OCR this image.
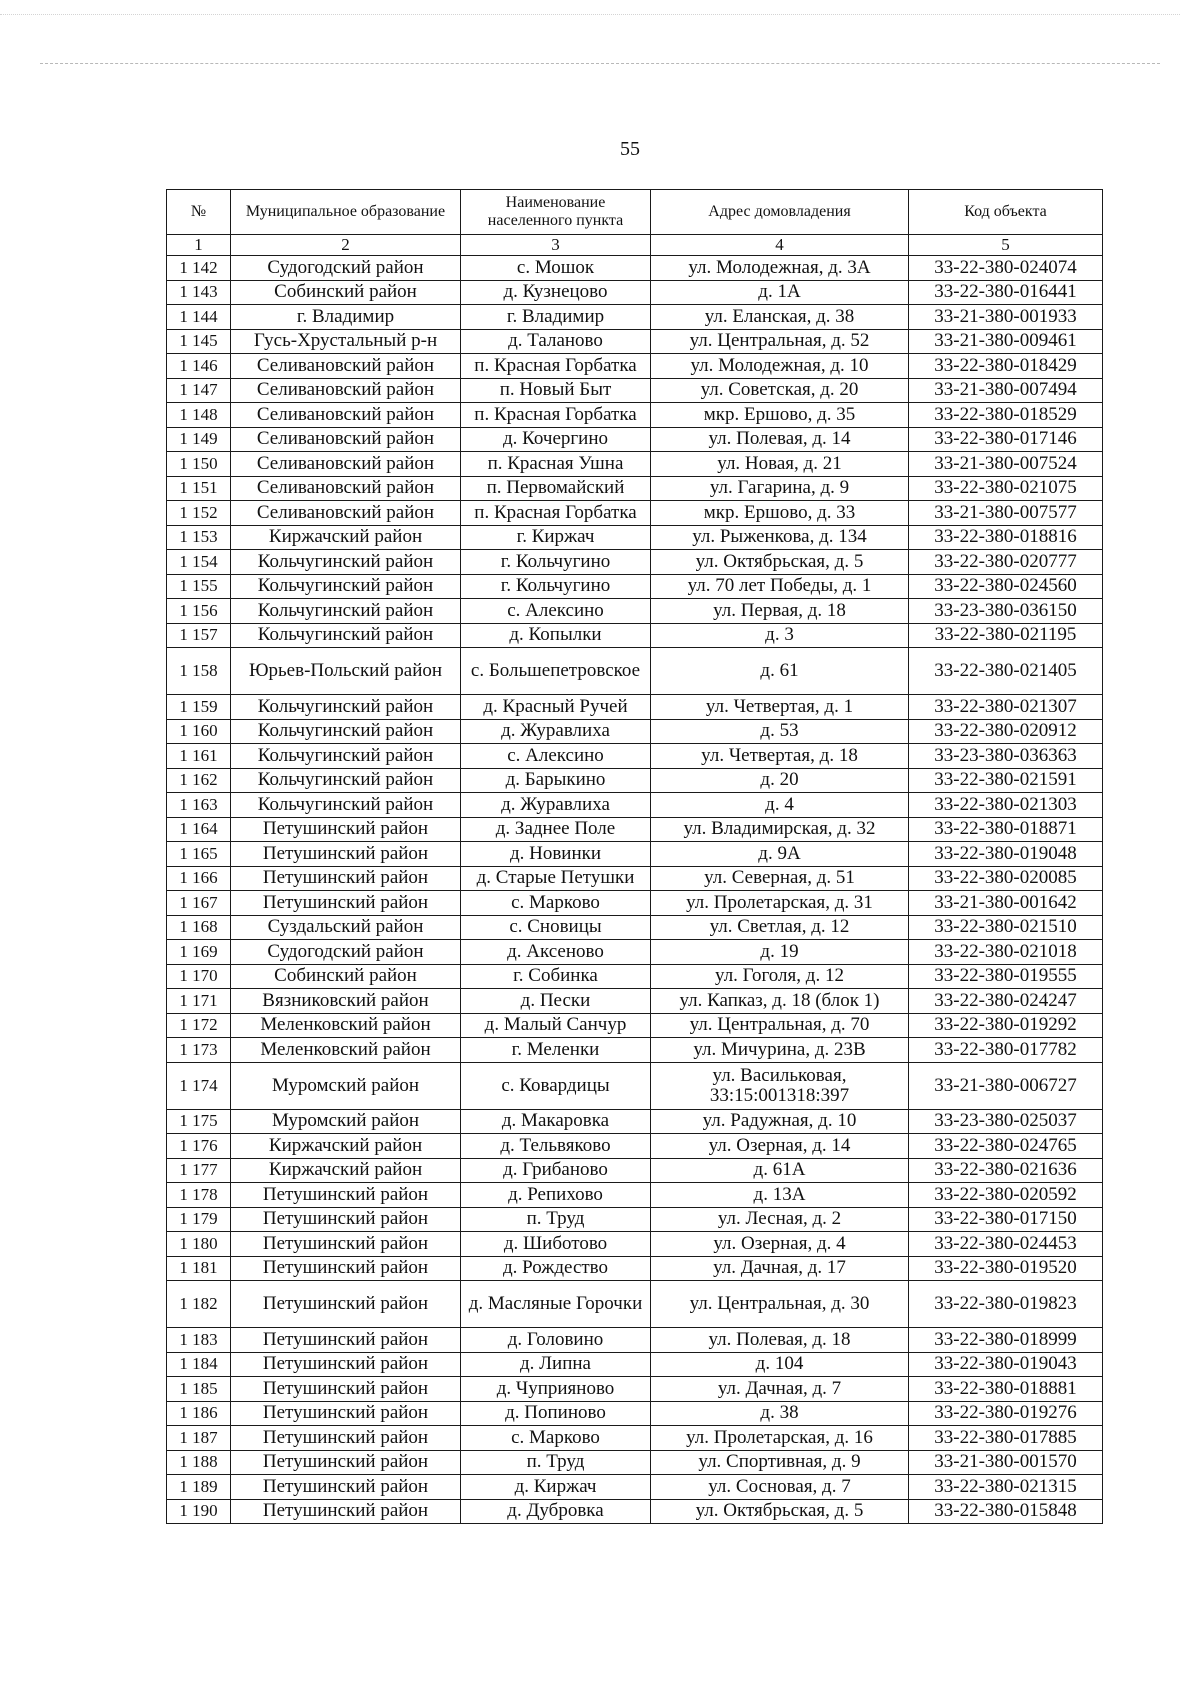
55
№	Муниципальное образование	Наименование населенного пункта	Адрес домовладения	Код объекта
1	2	3	4	5
1 142	Судогодский район	с. Мошок	ул. Молодежная, д. 3А	33-22-380-024074
1 143	Собинский район	д. Кузнецово	д. 1А	33-22-380-016441
1 144	г. Владимир	г. Владимир	ул. Еланская, д. 38	33-21-380-001933
1 145	Гусь-Хрустальный р-н	д. Таланово	ул. Центральная, д. 52	33-21-380-009461
1 146	Селивановский район	п. Красная Горбатка	ул. Молодежная, д. 10	33-22-380-018429
1 147	Селивановский район	п. Новый Быт	ул. Советская, д. 20	33-21-380-007494
1 148	Селивановский район	п. Красная Горбатка	мкр. Ершово, д. 35	33-22-380-018529
1 149	Селивановский район	д. Кочергино	ул. Полевая, д. 14	33-22-380-017146
1 150	Селивановский район	п. Красная Ушна	ул. Новая, д. 21	33-21-380-007524
1 151	Селивановский район	п. Первомайский	ул. Гагарина, д. 9	33-22-380-021075
1 152	Селивановский район	п. Красная Горбатка	мкр. Ершово, д. 33	33-21-380-007577
1 153	Киржачский район	г. Киржач	ул. Рыженкова, д. 134	33-22-380-018816
1 154	Кольчугинский район	г. Кольчугино	ул. Октябрьская, д. 5	33-22-380-020777
1 155	Кольчугинский район	г. Кольчугино	ул. 70 лет Победы, д. 1	33-22-380-024560
1 156	Кольчугинский район	с. Алексино	ул. Первая, д. 18	33-23-380-036150
1 157	Кольчугинский район	д. Копылки	д. 3	33-22-380-021195
1 158	Юрьев-Польский район	с. Большепетровское	д. 61	33-22-380-021405
1 159	Кольчугинский район	д. Красный Ручей	ул. Четвертая, д. 1	33-22-380-021307
1 160	Кольчугинский район	д. Журавлиха	д. 53	33-22-380-020912
1 161	Кольчугинский район	с. Алексино	ул. Четвертая, д. 18	33-23-380-036363
1 162	Кольчугинский район	д. Барыкино	д. 20	33-22-380-021591
1 163	Кольчугинский район	д. Журавлиха	д. 4	33-22-380-021303
1 164	Петушинский район	д. Заднее Поле	ул. Владимирская, д. 32	33-22-380-018871
1 165	Петушинский район	д. Новинки	д. 9А	33-22-380-019048
1 166	Петушинский район	д. Старые Петушки	ул. Северная, д. 51	33-22-380-020085
1 167	Петушинский район	с. Марково	ул. Пролетарская, д. 31	33-21-380-001642
1 168	Суздальский район	с. Сновицы	ул. Светлая, д. 12	33-22-380-021510
1 169	Судогодский район	д. Аксеново	д. 19	33-22-380-021018
1 170	Собинский район	г. Собинка	ул. Гоголя, д. 12	33-22-380-019555
1 171	Вязниковский район	д. Пески	ул. Капказ, д. 18 (блок 1)	33-22-380-024247
1 172	Меленковский район	д. Малый Санчур	ул. Центральная, д. 70	33-22-380-019292
1 173	Меленковский район	г. Меленки	ул. Мичурина, д. 23В	33-22-380-017782
1 174	Муромский район	с. Ковардицы	ул. Васильковая, 33:15:001318:397	33-21-380-006727
1 175	Муромский район	д. Макаровка	ул. Радужная, д. 10	33-23-380-025037
1 176	Киржачский район	д. Тельвяково	ул. Озерная, д. 14	33-22-380-024765
1 177	Киржачский район	д. Грибаново	д. 61А	33-22-380-021636
1 178	Петушинский район	д. Репихово	д. 13А	33-22-380-020592
1 179	Петушинский район	п. Труд	ул. Лесная, д. 2	33-22-380-017150
1 180	Петушинский район	д. Шиботово	ул. Озерная, д. 4	33-22-380-024453
1 181	Петушинский район	д. Рождество	ул. Дачная, д. 17	33-22-380-019520
1 182	Петушинский район	д. Масляные Горочки	ул. Центральная, д. 30	33-22-380-019823
1 183	Петушинский район	д. Головино	ул. Полевая, д. 18	33-22-380-018999
1 184	Петушинский район	д. Липна	д. 104	33-22-380-019043
1 185	Петушинский район	д. Чуприяново	ул. Дачная, д. 7	33-22-380-018881
1 186	Петушинский район	д. Попиново	д. 38	33-22-380-019276
1 187	Петушинский район	с. Марково	ул. Пролетарская, д. 16	33-22-380-017885
1 188	Петушинский район	п. Труд	ул. Спортивная, д. 9	33-21-380-001570
1 189	Петушинский район	д. Киржач	ул. Сосновая, д. 7	33-22-380-021315
1 190	Петушинский район	д. Дубровка	ул. Октябрьская, д. 5	33-22-380-015848
